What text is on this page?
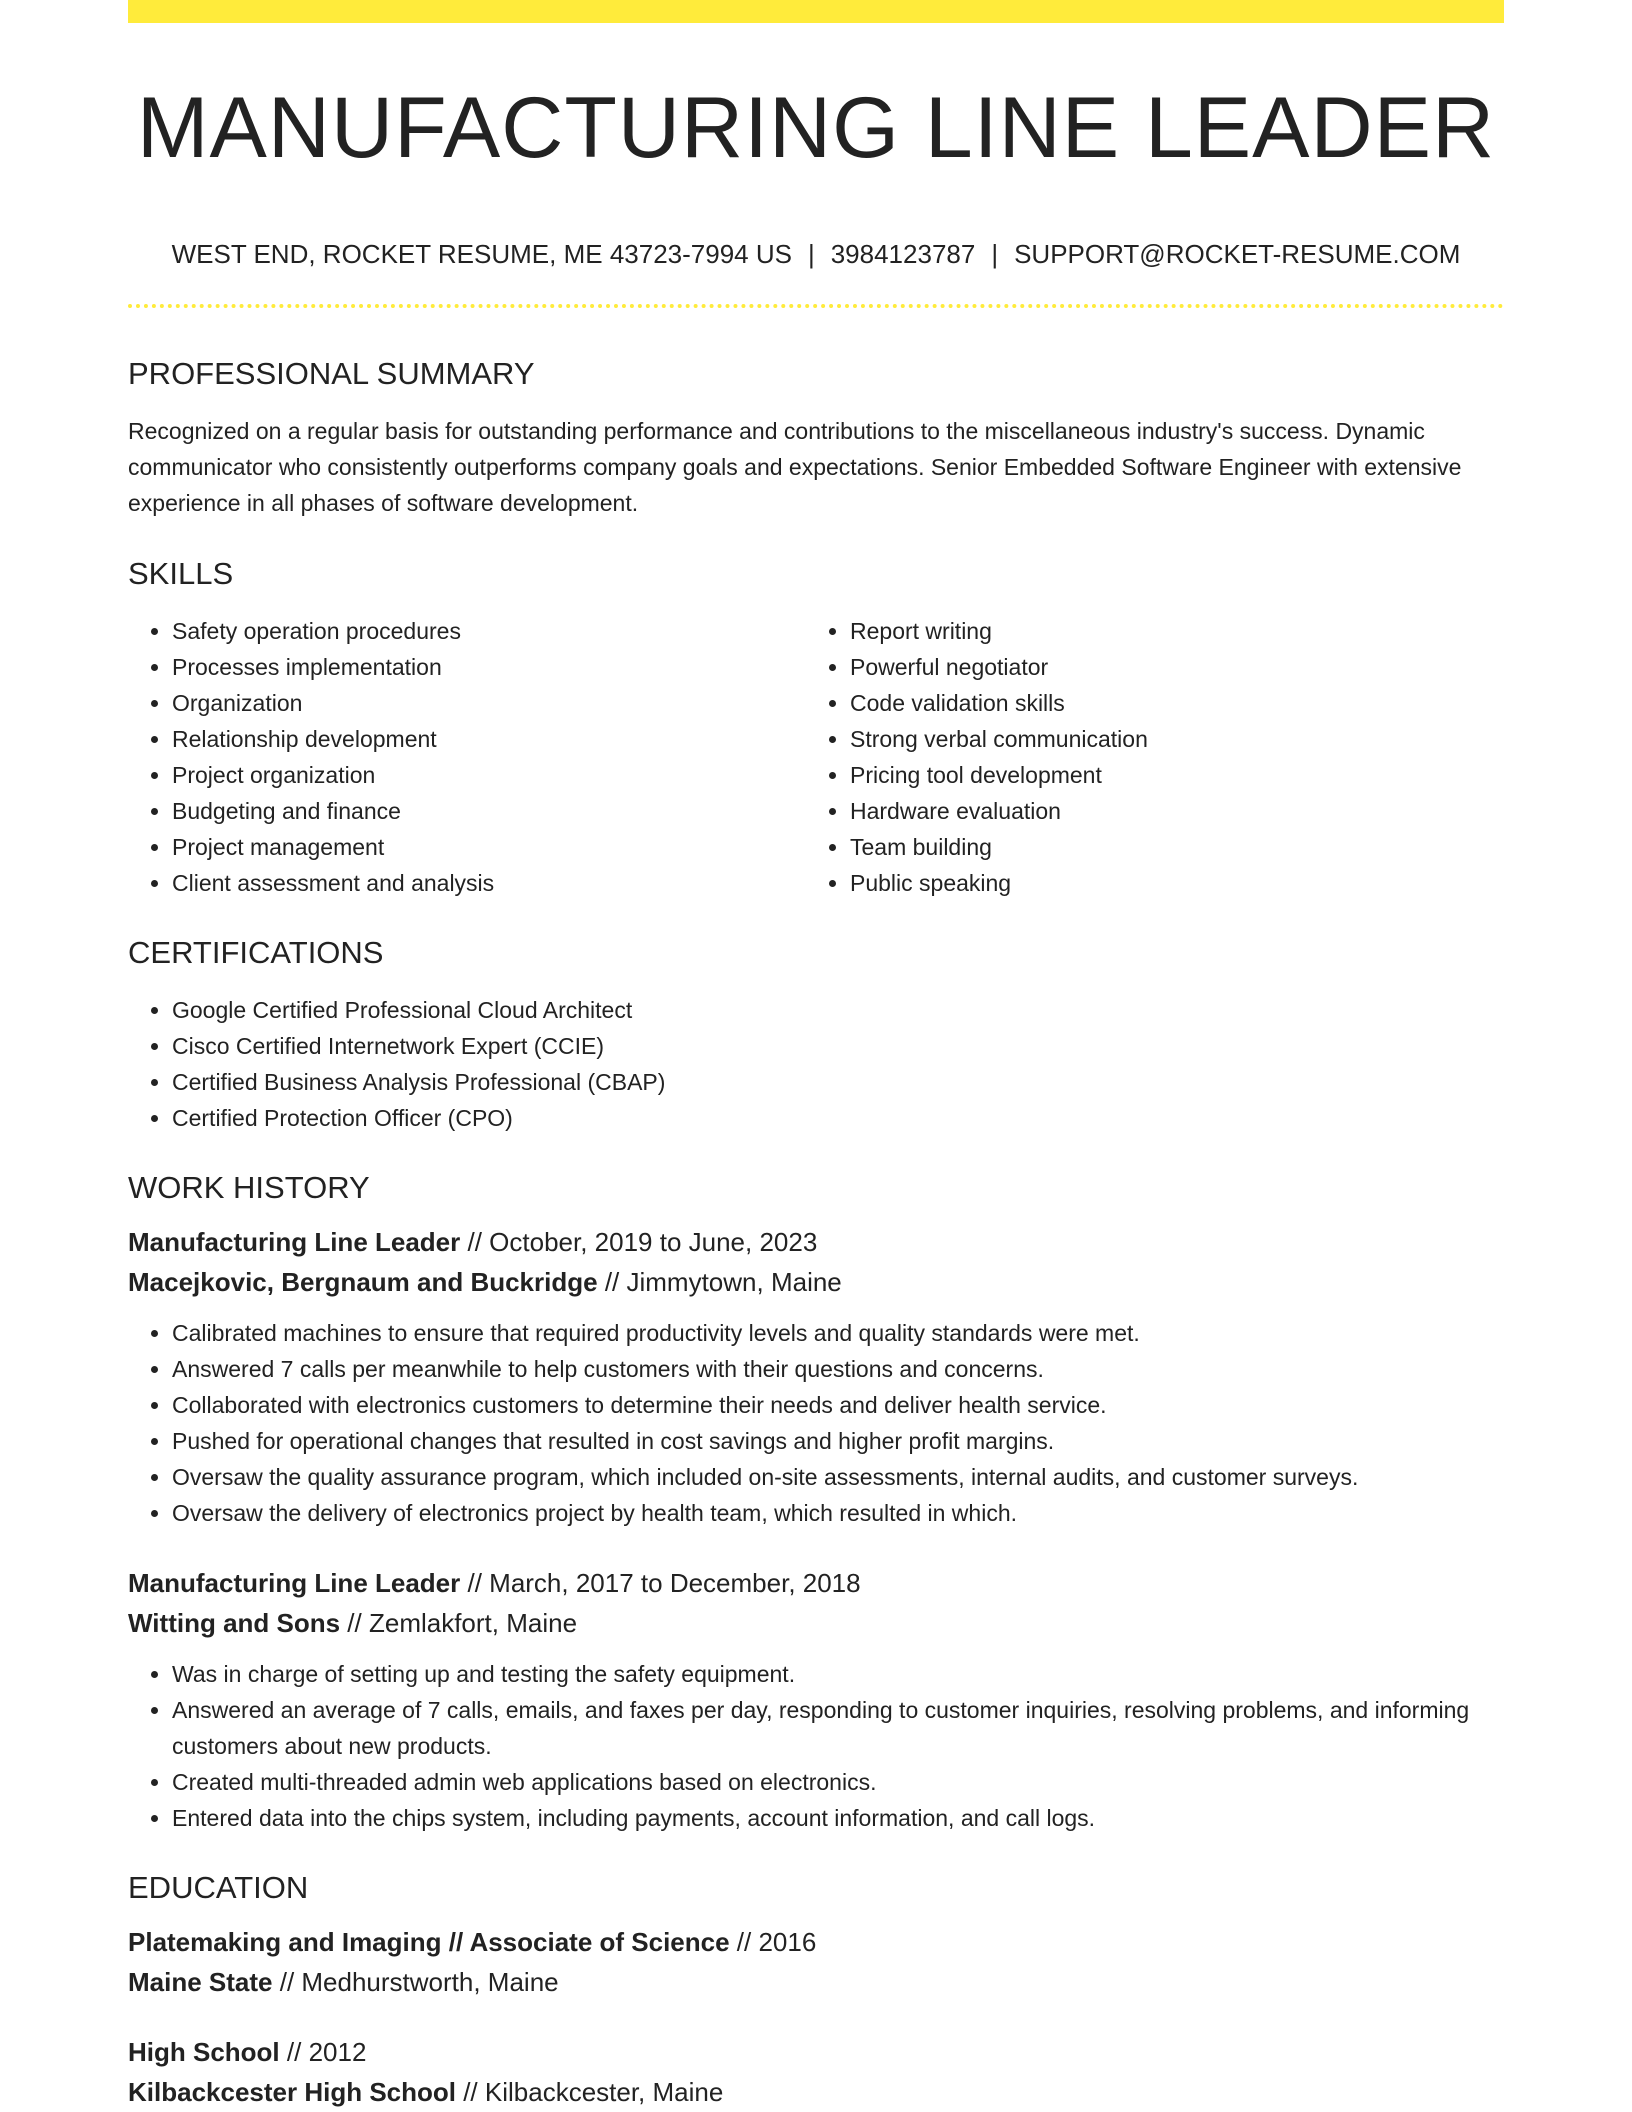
MANUFACTURING LINE LEADER
WEST END, ROCKET RESUME, ME 43723-7994 US | 3984123787 | SUPPORT@ROCKET-RESUME.COM
PROFESSIONAL SUMMARY

Recognized on a regular basis for outstanding performance and contributions to the miscellaneous industry's success. Dynamic communicator who consistently outperforms company goals and expectations. Senior Embedded Software Engineer with extensive experience in all phases of software development.

SKILLS
• Safety operation procedures
• Processes implementation
• Organization
• Relationship development
• Project organization
• Budgeting and finance
• Project management
• Client assessment and analysis
• Report writing
• Powerful negotiator
• Code validation skills
• Strong verbal communication
• Pricing tool development
• Hardware evaluation
• Team building
• Public speaking
CERTIFICATIONS
• Google Certified Professional Cloud Architect
• Cisco Certified Internetwork Expert (CCIE)
• Certified Business Analysis Professional (CBAP)
• Certified Protection Officer (CPO)
WORK HISTORY
Manufacturing Line Leader // October, 2019 to June, 2023
Macejkovic, Bergnaum and Buckridge // Jimmytown, Maine
• Calibrated machines to ensure that required productivity levels and quality standards were met.
• Answered 7 calls per meanwhile to help customers with their questions and concerns.
• Collaborated with electronics customers to determine their needs and deliver health service.
• Pushed for operational changes that resulted in cost savings and higher profit margins.
• Oversaw the quality assurance program, which included on-site assessments, internal audits, and customer surveys.
• Oversaw the delivery of electronics project by health team, which resulted in which.
Manufacturing Line Leader // March, 2017 to December, 2018
Witting and Sons // Zemlakfort, Maine
• Was in charge of setting up and testing the safety equipment.
• Answered an average of 7 calls, emails, and faxes per day, responding to customer inquiries, resolving problems, and informing customers about new products.
• Created multi-threaded admin web applications based on electronics.
• Entered data into the chips system, including payments, account information, and call logs.
EDUCATION
Platemaking and Imaging // Associate of Science // 2016
Maine State // Medhurstworth, Maine
High School // 2012
Kilbackcester High School // Kilbackcester, Maine
